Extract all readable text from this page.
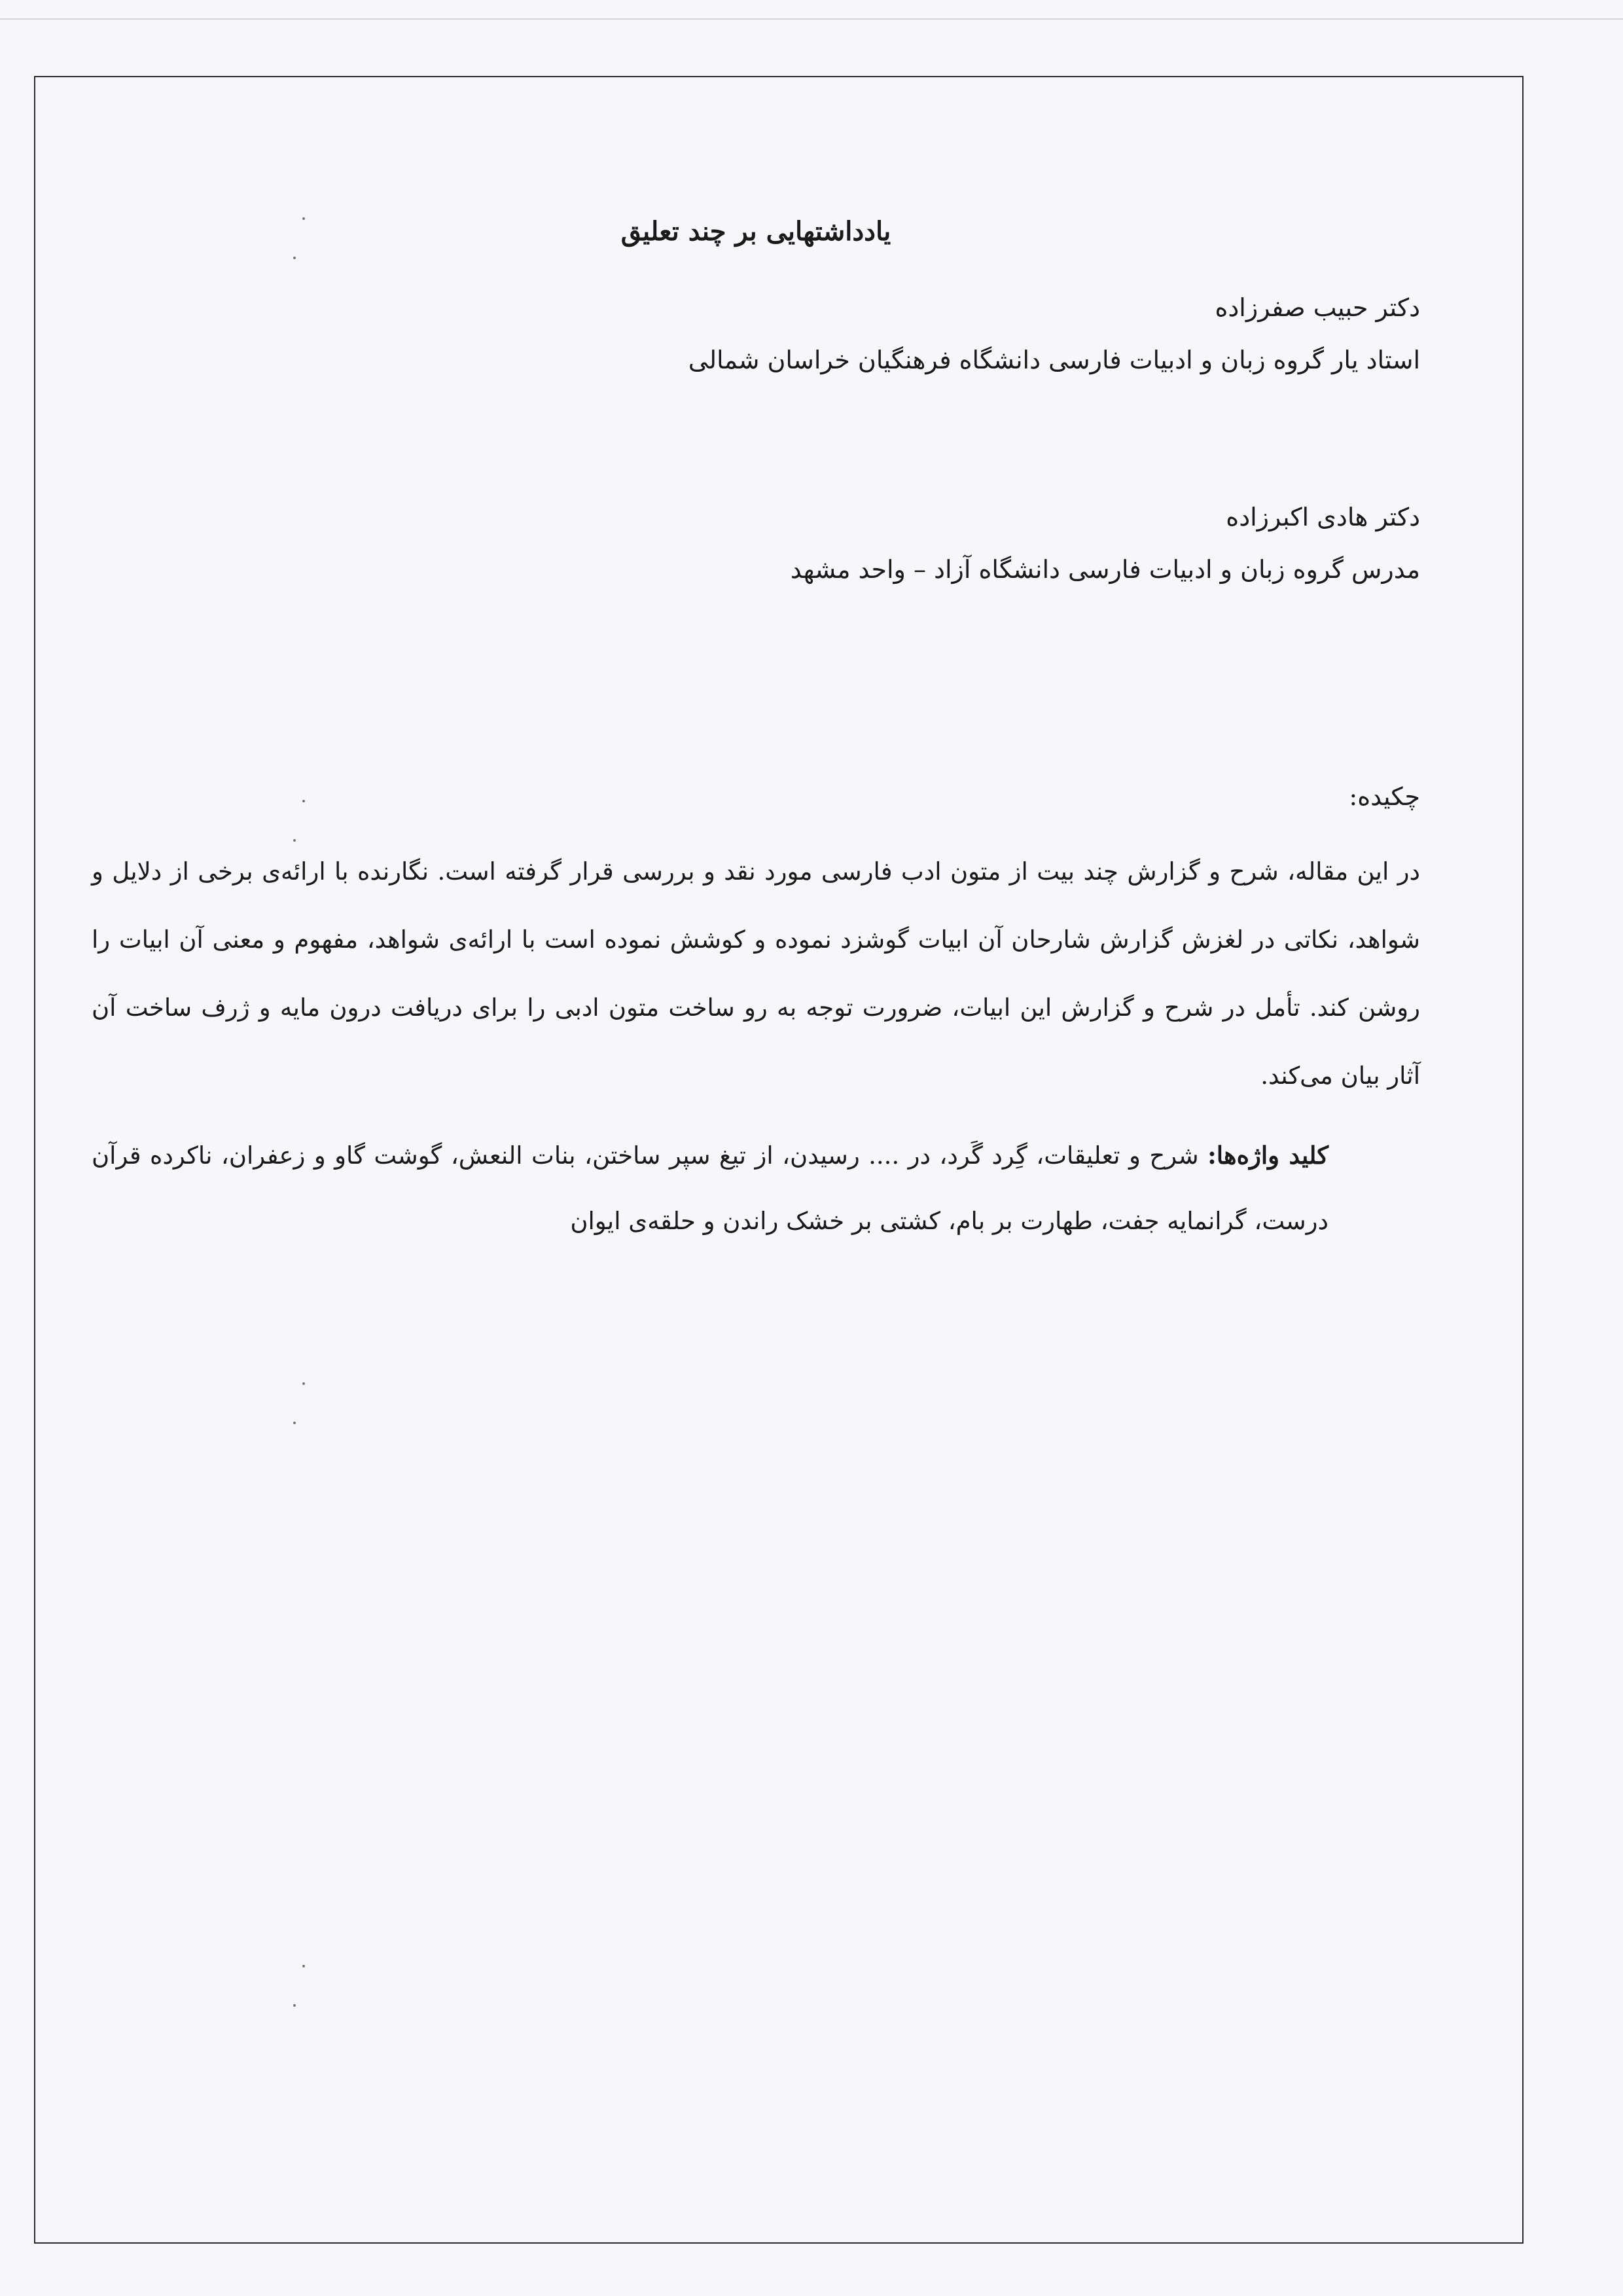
یادداشتهایی بر چند تعلیق
دکتر حبیب صفرزاده
استاد یار گروه زبان و ادبیات فارسی دانشگاه فرهنگیان خراسان شمالی
دکتر هادی اکبرزاده
مدرس گروه زبان و ادبیات فارسی دانشگاه آزاد – واحد مشهد
چکیده:
در این مقاله، شرح و گزارش چند بیت از متون ادب فارسی مورد نقد و بررسی قرار گرفته است. نگارنده با ارائه‌ی برخی از دلایل و شواهد، نکاتی در لغزش گزارش شارحان آن ابیات گوشزد نموده و کوشش نموده است با ارائه‌ی شواهد، مفهوم و معنی آن ابیات را روشن کند. تأمل در شرح و گزارش این ابیات، ضرورت توجه به رو ساخت متون ادبی را برای دریافت درون مایه و ژرف ساخت آن آثار بیان می‌کند.
کلید واژه‌ها: شرح و تعلیقات، گِرد گَرد، در .... رسیدن، از تیغ سپر ساختن، بنات النعش، گوشت گاو و زعفران، ناکرده قرآن درست، گرانمایه جفت، طهارت بر بام، کشتی بر خشک راندن و حلقه‌ی ایوان
